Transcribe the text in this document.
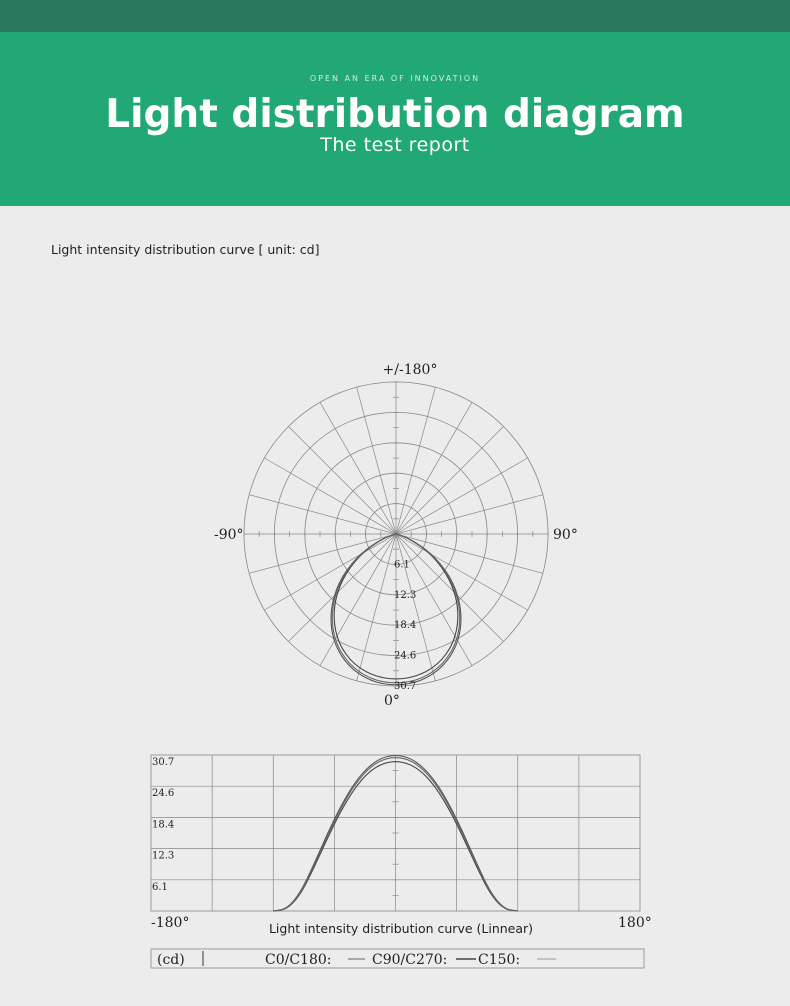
OPEN AN ERA OF INNOVATION
Light distribution diagram
The test report
Light intensity distribution curve [ unit: cd]
6.1
12.3
18.4
24.6
30.7
+/-180°
-90°	90°
0°
30.7
24.6
18.4
12.3
6.1
-180°	180°
Light intensity distribution curve (Linnear)
(cd)	C0/C180:	C90/C270: C150:
